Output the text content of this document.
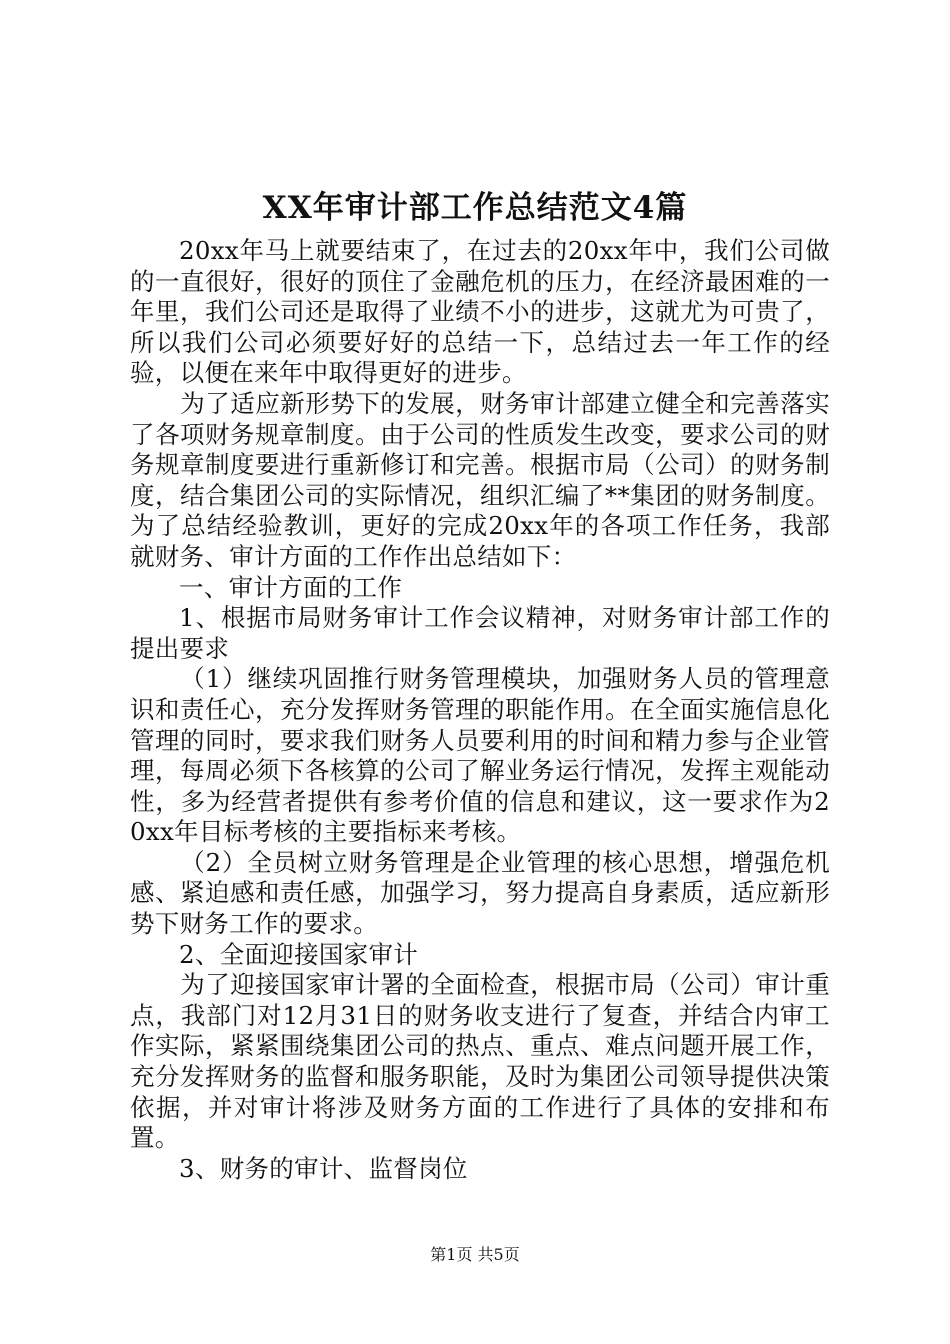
XX年审计部工作总结范文4篇

20xx年马上就要结束了，在过去的20xx年中，我们公司做的一直很好，很好的顶住了金融危机的压力，在经济最困难的一年里，我们公司还是取得了业绩不小的进步，这就尤为可贵了，所以我们公司必须要好好的总结一下，总结过去一年工作的经验，以便在来年中取得更好的进步。

为了适应新形势下的发展，财务审计部建立健全和完善落实了各项财务规章制度。由于公司的性质发生改变，要求公司的财务规章制度要进行重新修订和完善。根据市局（公司）的财务制度，结合集团公司的实际情况，组织汇编了**集团的财务制度。为了总结经验教训，更好的完成20xx年的各项工作任务，我部就财务、审计方面的工作作出总结如下：

一、审计方面的工作

1、根据市局财务审计工作会议精神，对财务审计部工作的提出要求

（1）继续巩固推行财务管理模块，加强财务人员的管理意识和责任心，充分发挥财务管理的职能作用。在全面实施信息化管理的同时，要求我们财务人员要利用的时间和精力参与企业管理，每周必须下各核算的公司了解业务运行情况，发挥主观能动性，多为经营者提供有参考价值的信息和建议，这一要求作为20xx年目标考核的主要指标来考核。

（2）全员树立财务管理是企业管理的核心思想，增强危机感、紧迫感和责任感，加强学习，努力提高自身素质，适应新形势下财务工作的要求。

2、全面迎接国家审计

为了迎接国家审计署的全面检查，根据市局（公司）审计重点，我部门对12月31日的财务收支进行了复查，并结合内审工作实际，紧紧围绕集团公司的热点、重点、难点问题开展工作，充分发挥财务的监督和服务职能，及时为集团公司领导提供决策依据，并对审计将涉及财务方面的工作进行了具体的安排和布置。

3、财务的审计、监督岗位

第1页 共5页
